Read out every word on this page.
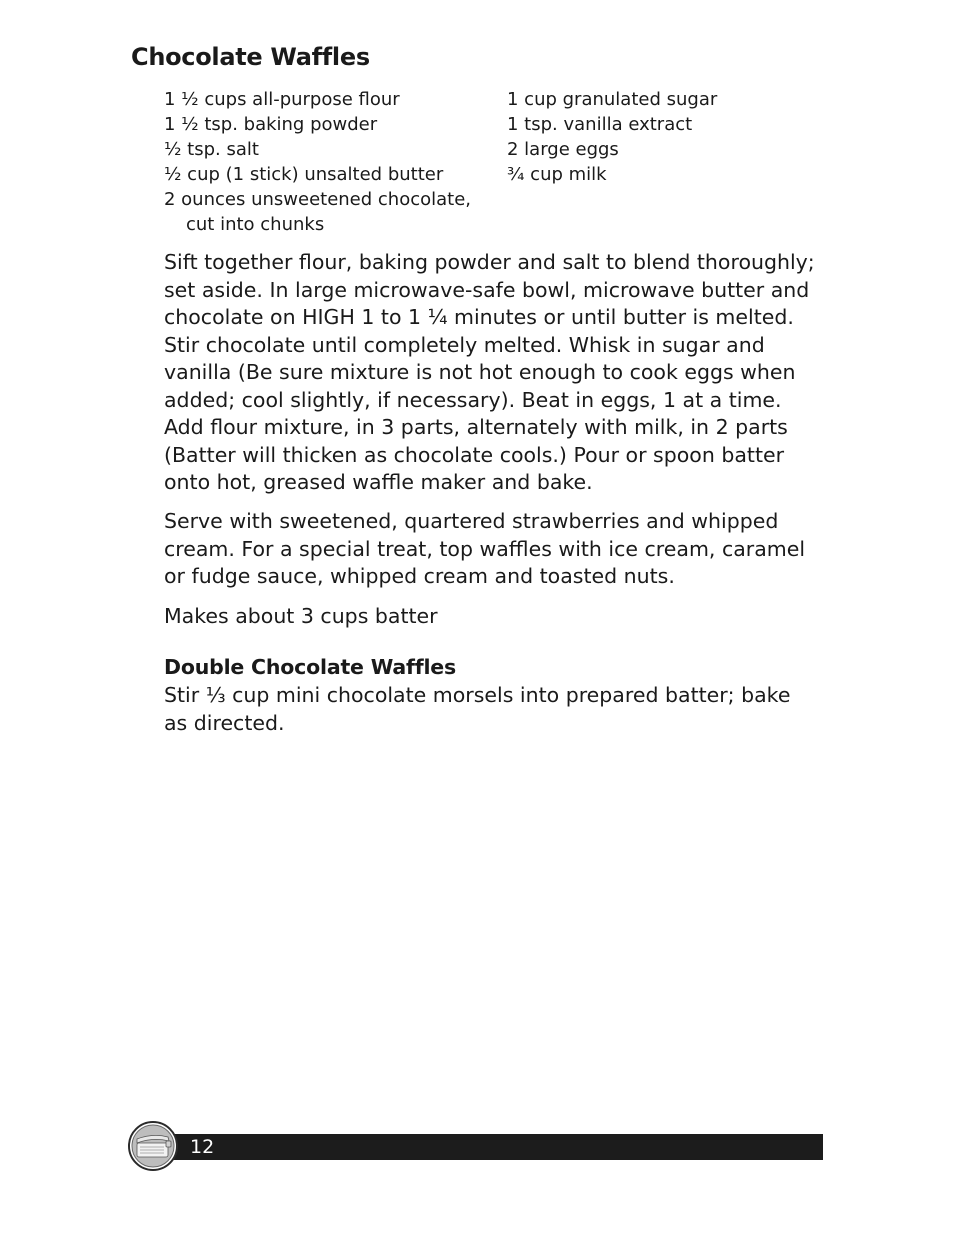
Chocolate Waffles
1 ½ cups all-purpose flour
1 ½ tsp. baking powder
½ tsp. salt
½ cup (1 stick) unsalted butter
2 ounces unsweetened chocolate,
cut into chunks
1 cup granulated sugar
1 tsp. vanilla extract
2 large eggs
¾ cup milk

Sift together flour, baking powder and salt to blend thoroughly; set aside. In large microwave-safe bowl, microwave butter and chocolate on HIGH 1 to 1 ¼ minutes or until butter is melted. Stir chocolate until completely melted. Whisk in sugar and vanilla (Be sure mixture is not hot enough to cook eggs when added; cool slightly, if necessary). Beat in eggs, 1 at a time. Add flour mixture, in 3 parts, alternately with milk, in 2 parts (Batter will thicken as chocolate cools.) Pour or spoon batter onto hot, greased waffle maker and bake.

Serve with sweetened, quartered strawberries and whipped cream. For a special treat, top waffles with ice cream, caramel or fudge sauce, whipped cream and toasted nuts.

Makes about 3 cups batter

Double Chocolate Waffles

Stir ⅓ cup mini chocolate morsels into prepared batter; bake as directed.

12
